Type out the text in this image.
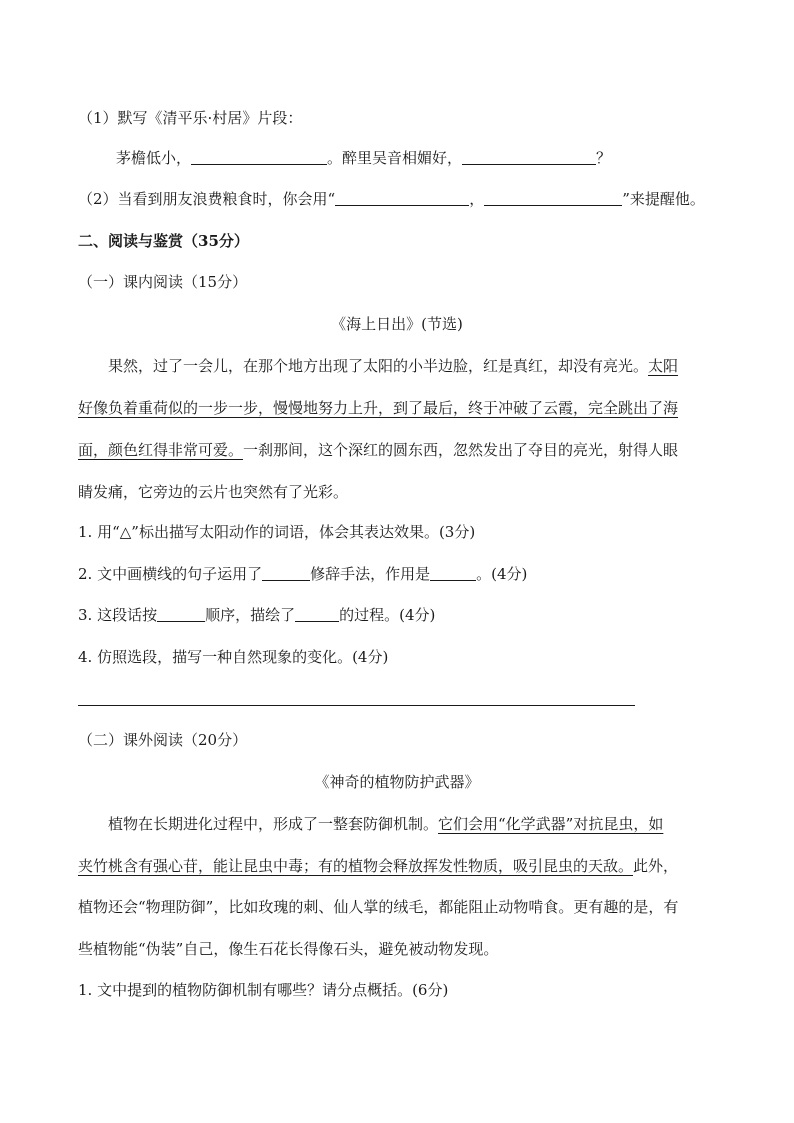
（1）默写《清平乐·村居》片段：
茅檐低小，	。醉里吴音相媚好，	？
（2）当看到朋友浪费粮食时，你会用“	，	”来提醒他。
二、阅读与鉴赏（35分）
（一）课内阅读（15分）
《海上日出》(节选)
果然，过了一会儿，在那个地方出现了太阳的小半边脸，红是真红，却没有亮光。太阳
好像负着重荷似的一步一步，慢慢地努力上升，到了最后，终于冲破了云霞，完全跳出了海
面，颜色红得非常可爱。一刹那间，这个深红的圆东西，忽然发出了夺目的亮光，射得人眼
睛发痛，它旁边的云片也突然有了光彩。
1. 用“△”标出描写太阳动作的词语，体会其表达效果。(3分)
2. 文中画横线的句子运用了	修辞手法，作用是	。(4分)
3. 这段话按	顺序，描绘了	的过程。(4分)
4. 仿照选段，描写一种自然现象的变化。(4分)
（二）课外阅读（20分）
《神奇的植物防护武器》
植物在长期进化过程中，形成了一整套防御机制。它们会用“化学武器”对抗昆虫，如
夹竹桃含有强心苷，能让昆虫中毒；有的植物会释放挥发性物质，吸引昆虫的天敌。此外，
植物还会“物理防御”，比如玫瑰的刺、仙人掌的绒毛，都能阻止动物啃食。更有趣的是，有
些植物能“伪装”自己，像生石花长得像石头，避免被动物发现。
1. 文中提到的植物防御机制有哪些？请分点概括。(6分)
